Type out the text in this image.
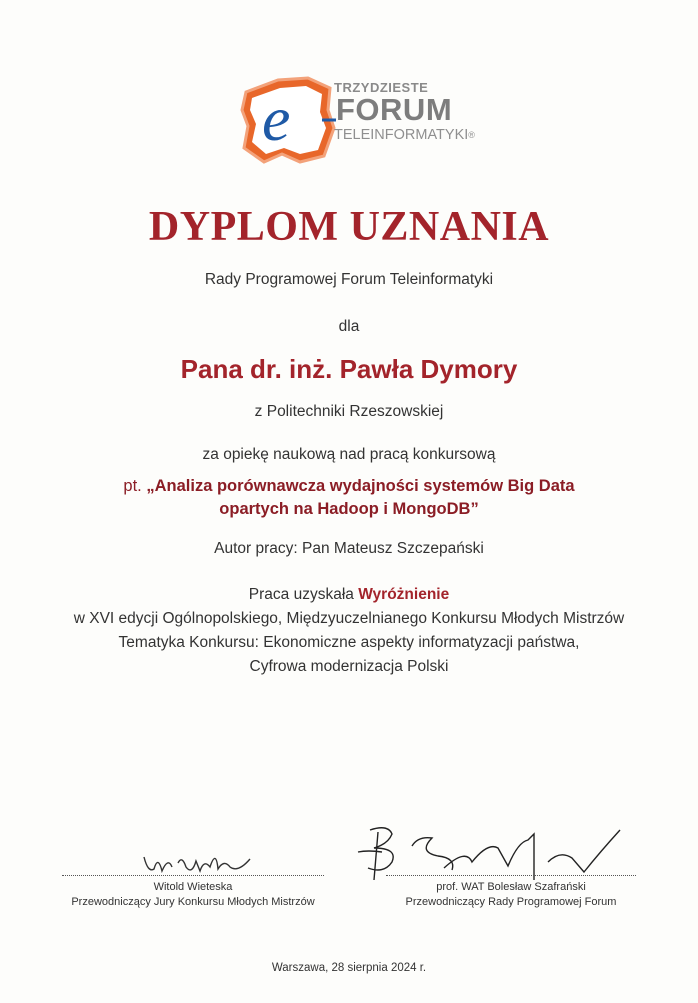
e	TRZYDZIESTE
FORUM
TELEINFORMATYKI®
DYPLOM UZNANIA
Rady Programowej Forum Teleinformatyki
dla
Pana dr. inż. Pawła Dymory
z Politechniki Rzeszowskiej
za opiekę naukową nad pracą konkursową
pt. „Analiza porównawcza wydajności systemów Big Data
opartych na Hadoop i MongoDB”
Autor pracy: Pan Mateusz Szczepański
Praca uzyskała Wyróżnienie
w XVI edycji Ogólnopolskiego, Międzyuczelnianego Konkursu Młodych Mistrzów
Tematyka Konkursu: Ekonomiczne aspekty informatyzacji państwa,
Cyfrowa modernizacja Polski
Witold Wieteska
Przewodniczący Jury Konkursu Młodych Mistrzów
prof. WAT Bolesław Szafrański
Przewodniczący Rady Programowej Forum
Warszawa, 28 sierpnia 2024 r.
